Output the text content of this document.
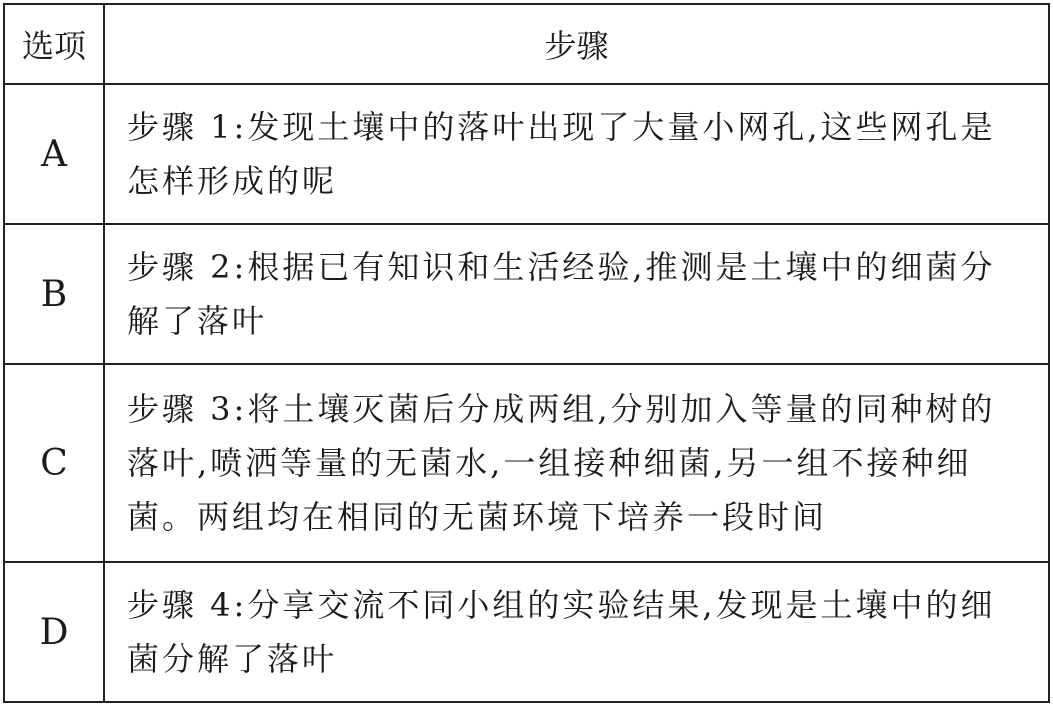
选项	步骤
A	步骤 1:发现土壤中的落叶出现了大量小网孔,这些网孔是怎样形成的呢
B	步骤 2:根据已有知识和生活经验,推测是土壤中的细菌分解了落叶
C	步骤 3:将土壤灭菌后分成两组,分别加入等量的同种树的落叶,喷洒等量的无菌水,一组接种细菌,另一组不接种细菌。两组均在相同的无菌环境下培养一段时间
D	步骤 4:分享交流不同小组的实验结果,发现是土壤中的细菌分解了落叶
